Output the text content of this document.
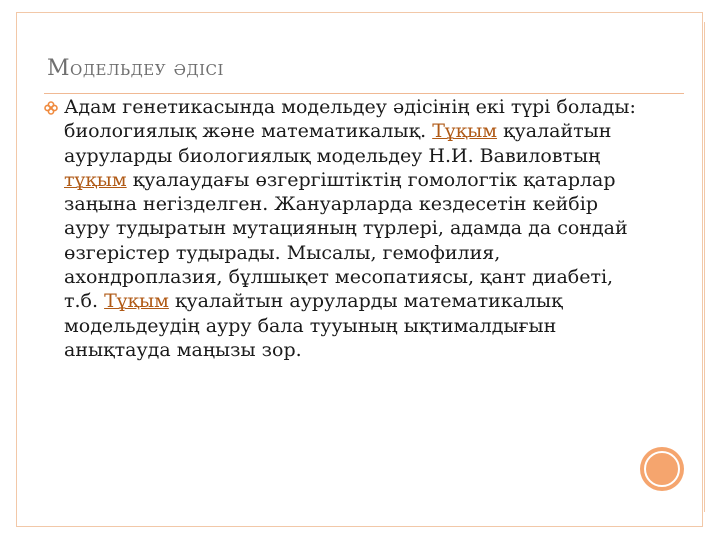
Модельдеу әдісі
Адам генетикасында модельдеу әдісінің екі түрі болады: биологиялық және математикалық. Тұқым қуалайтын ауруларды биологиялық модельдеу Н.И. Вавиловтың тұқым қуалаудағы өзгергіштіктің гомологтік қатарлар заңына негізделген. Жануарларда кездесетін кейбір ауру тудыратын мутацияның түрлері, адамда да сондай өзгерістер тудырады. Мысалы, гемофилия, ахондроплазия, бұлшықет месопатиясы, қант диабеті, т.б. Тұқым қуалайтын ауруларды математикалық модельдеудің ауру бала тууының ықтималдығын анықтауда маңызы зор.
